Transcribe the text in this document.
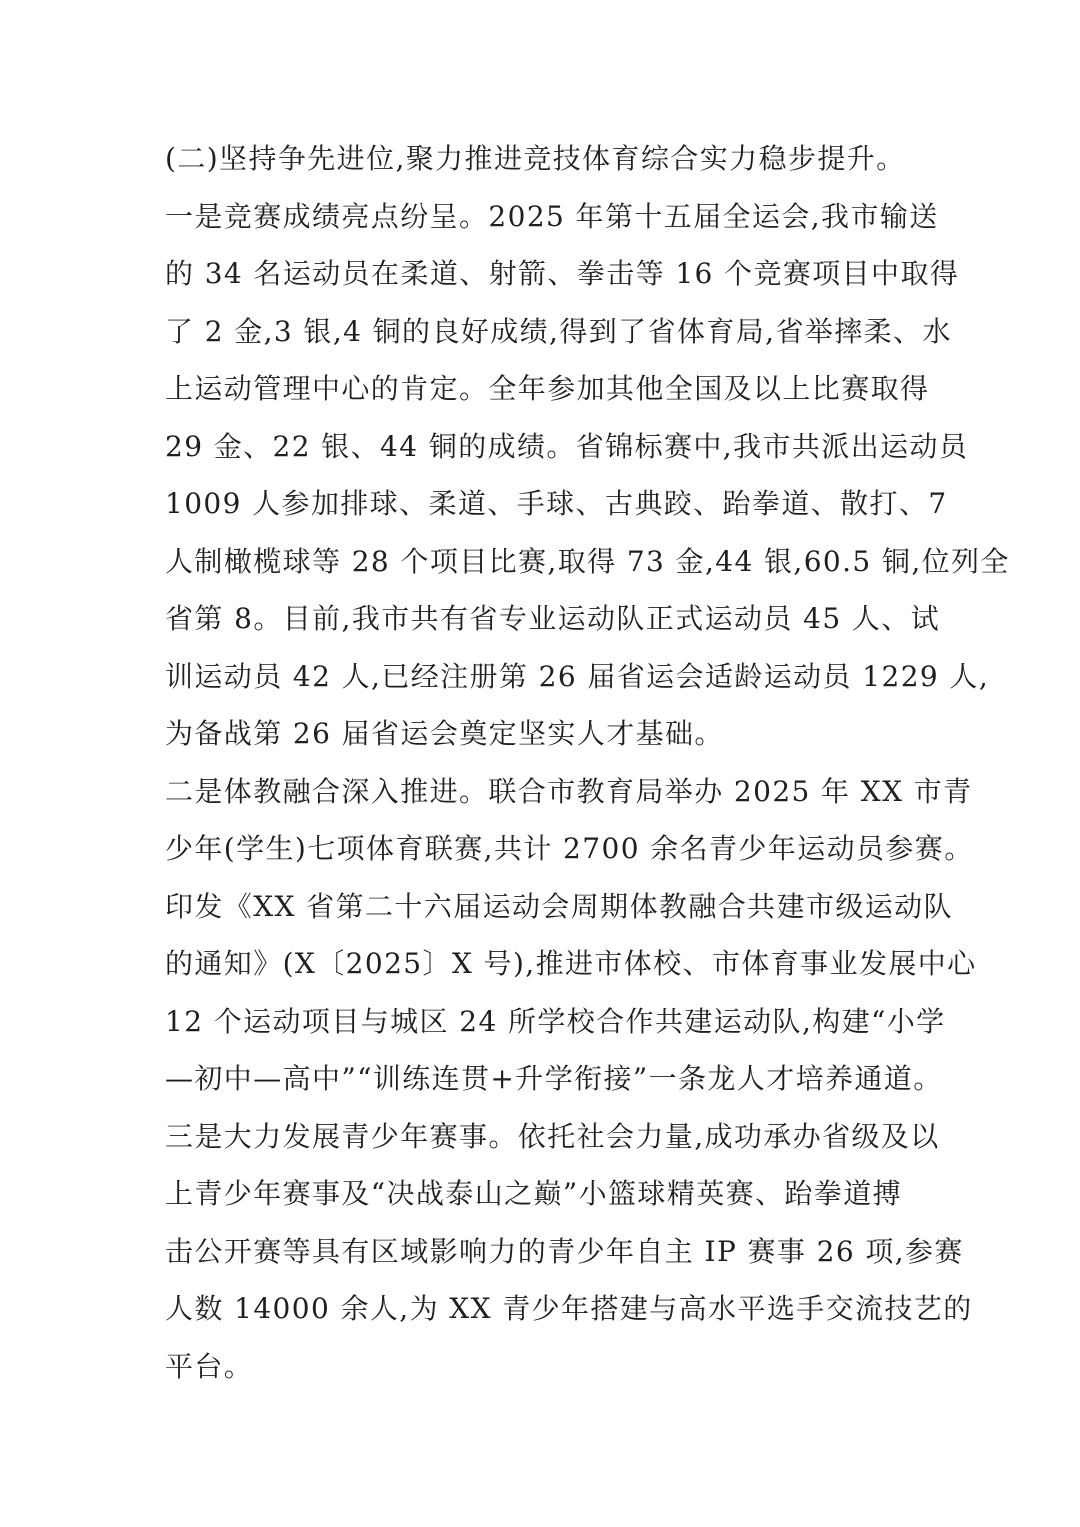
(二)坚持争先进位,聚力推进竞技体育综合实力稳步提升。
一是竞赛成绩亮点纷呈。2025 年第十五届全运会,我市输送
的 34 名运动员在柔道、射箭、拳击等 16 个竞赛项目中取得
了 2 金,3 银,4 铜的良好成绩,得到了省体育局,省举摔柔、水
上运动管理中心的肯定。全年参加其他全国及以上比赛取得
29 金、22 银、44 铜的成绩。省锦标赛中,我市共派出运动员
1009 人参加排球、柔道、手球、古典跤、跆拳道、散打、7
人制橄榄球等 28 个项目比赛,取得 73 金,44 银,60.5 铜,位列全
省第 8。目前,我市共有省专业运动队正式运动员 45 人、试
训运动员 42 人,已经注册第 26 届省运会适龄运动员 1229 人,
为备战第 26 届省运会奠定坚实人才基础。
二是体教融合深入推进。联合市教育局举办 2025 年 XX 市青
少年(学生)七项体育联赛,共计 2700 余名青少年运动员参赛。
印发《XX 省第二十六届运动会周期体教融合共建市级运动队
的通知》(X〔2025〕X 号),推进市体校、市体育事业发展中心
12 个运动项目与城区 24 所学校合作共建运动队,构建“小学
—初中—高中”“训练连贯+升学衔接”一条龙人才培养通道。
三是大力发展青少年赛事。依托社会力量,成功承办省级及以
上青少年赛事及“决战泰山之巅”小篮球精英赛、跆拳道搏
击公开赛等具有区域影响力的青少年自主 IP 赛事 26 项,参赛
人数 14000 余人,为 XX 青少年搭建与高水平选手交流技艺的
平台。
